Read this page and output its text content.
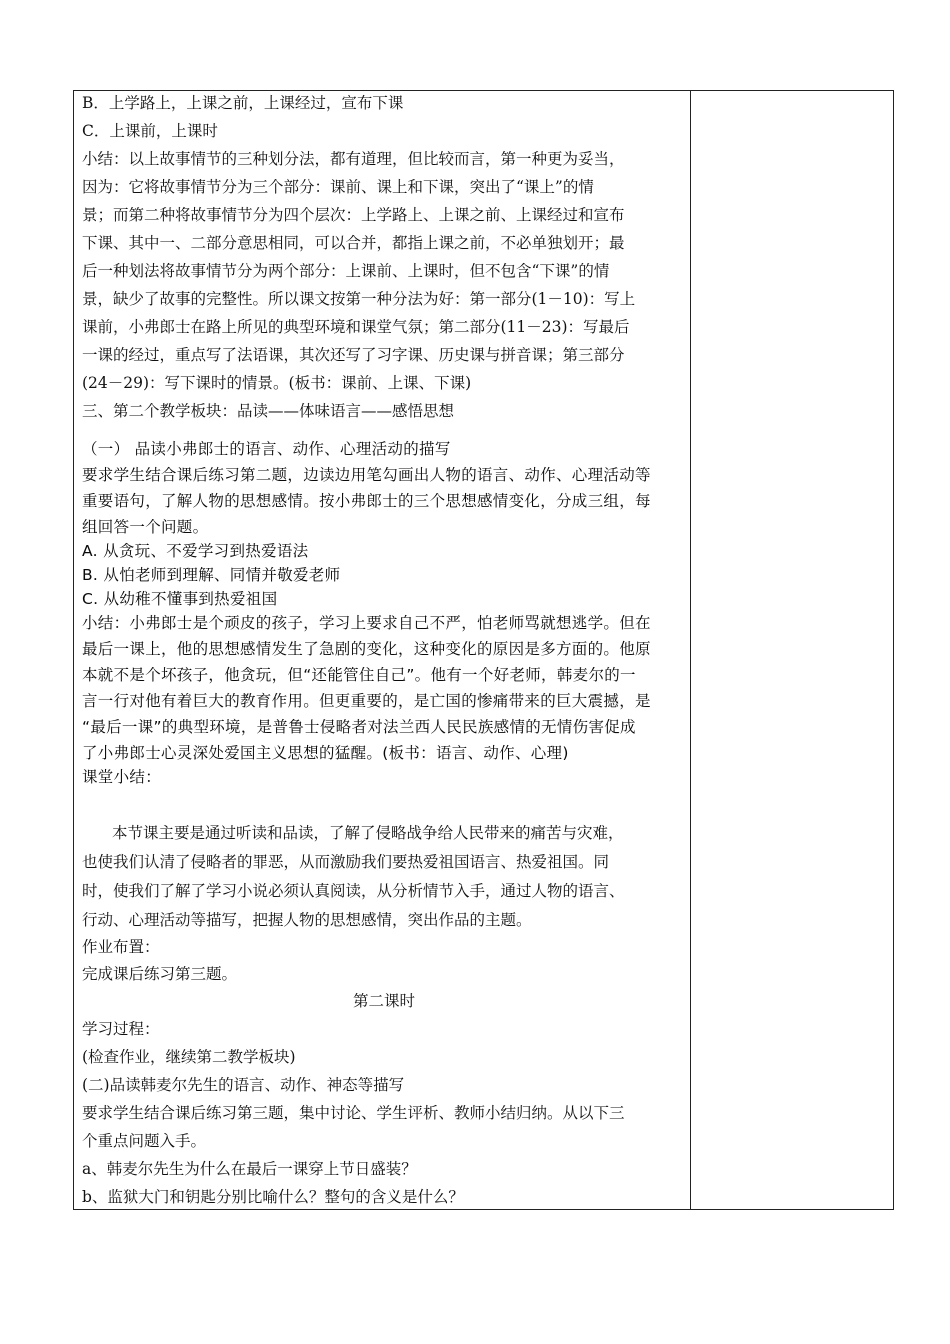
B．上学路上，上课之前，上课经过，宣布下课
C．上课前，上课时
小结：以上故事情节的三种划分法，都有道理，但比较而言，第一种更为妥当，
因为：它将故事情节分为三个部分：课前、课上和下课，突出了“课上”的情
景；而第二种将故事情节分为四个层次：上学路上、上课之前、上课经过和宣布
下课、其中一、二部分意思相同，可以合并，都指上课之前，不必单独划开；最
后一种划法将故事情节分为两个部分：上课前、上课时，但不包含“下课”的情
景，缺少了故事的完整性。所以课文按第一种分法为好：第一部分(1－10)：写上
课前，小弗郎士在路上所见的典型环境和课堂气氛；第二部分(11－23)：写最后
一课的经过，重点写了法语课，其次还写了习字课、历史课与拼音课；第三部分
(24－29)：写下课时的情景。(板书：课前、上课、下课)
三、第二个教学板块：品读——体味语言——感悟思想
（一） 品读小弗郎士的语言、动作、心理活动的描写
要求学生结合课后练习第二题，边读边用笔勾画出人物的语言、动作、心理活动等
重要语句，了解人物的思想感情。按小弗郎士的三个思想感情变化，分成三组，每
组回答一个问题。
A. 从贪玩、不爱学习到热爱语法
B. 从怕老师到理解、同情并敬爱老师
C. 从幼稚不懂事到热爱祖国
小结：小弗郎士是个顽皮的孩子，学习上要求自己不严，怕老师骂就想逃学。但在
最后一课上，他的思想感情发生了急剧的变化，这种变化的原因是多方面的。他原
本就不是个坏孩子，他贪玩，但“还能管住自己”。他有一个好老师，韩麦尔的一
言一行对他有着巨大的教育作用。但更重要的，是亡国的惨痛带来的巨大震撼，是
“最后一课”的典型环境，是普鲁士侵略者对法兰西人民民族感情的无情伤害促成
了小弗郎士心灵深处爱国主义思想的猛醒。(板书：语言、动作、心理)
课堂小结：
本节课主要是通过听读和品读，了解了侵略战争给人民带来的痛苦与灾难，
也使我们认清了侵略者的罪恶，从而激励我们要热爱祖国语言、热爱祖国。同
时，使我们了解了学习小说必须认真阅读，从分析情节入手，通过人物的语言、
行动、心理活动等描写，把握人物的思想感情，突出作品的主题。
作业布置：
完成课后练习第三题。
第二课时
学习过程：
(检查作业，继续第二教学板块)
(二)品读韩麦尔先生的语言、动作、神态等描写
要求学生结合课后练习第三题，集中讨论、学生评析、教师小结归纳。从以下三
个重点问题入手。
a、韩麦尔先生为什么在最后一课穿上节日盛装？
b、监狱大门和钥匙分别比喻什么？整句的含义是什么？
